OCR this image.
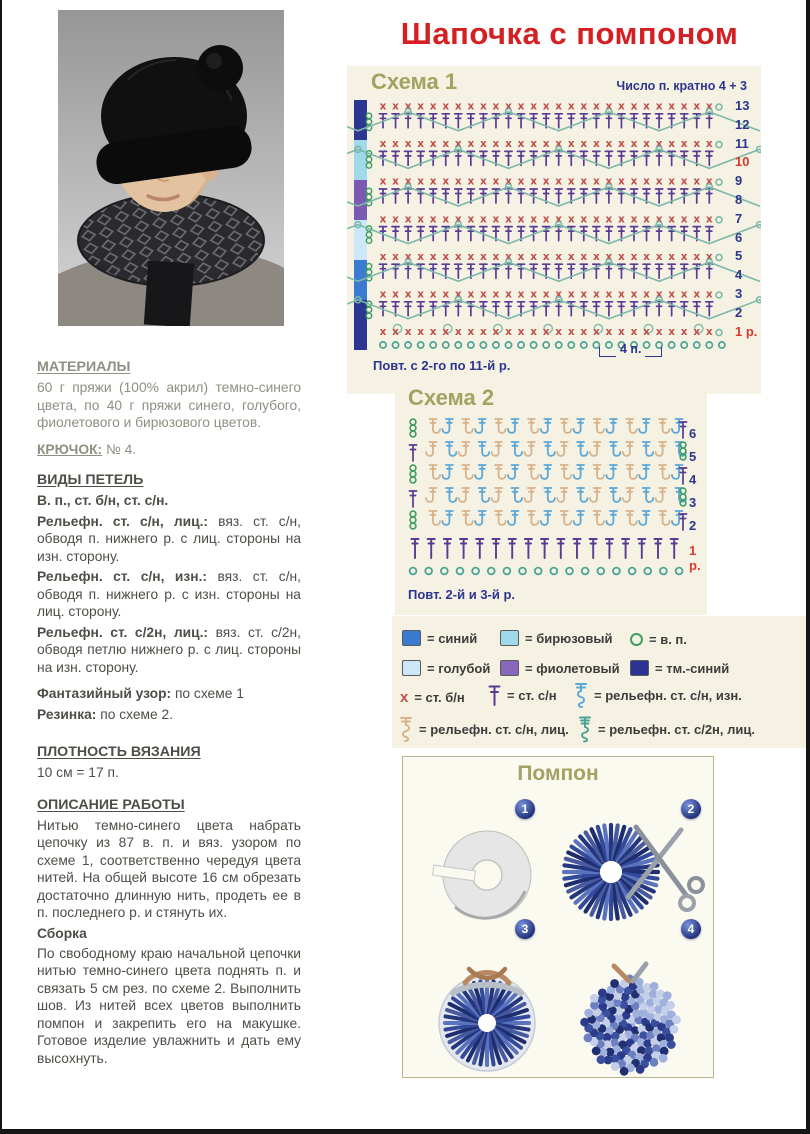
Шапочка с помпоном
Схема 1	Число п. кратно 4 + 3
x x x x x x x x x x x x x x x x x x x x x x x x x x x
x x x x x x x x x x x x x x x x x x x x x x x x x x x
x x x x x x x x x x x x x x x x x x x x x x x x x x x
x x x x x x x x x x x x x x x x x x x x x x x x x x x
x x x x x x x x x x x x x x x x x x x x x x x x x x x
x x x x x x x x x x x x x x x x x x x x x x x x x x x
x x x x x x x x x x x x x x x x x x x x x x x x x x x
13
12
11
10
9
8
7
6
5
4
3
2
1 р.
Повт. с 2-го по 11-й р.
4 п.
Схема 2
6
5
4
3
2
1 р.
Повт. 2-й и 3-й р.
= синий	= бирюзовый	= в. п.
= голубой	= фиолетовый	= тм.-синий
x = ст. б/н	= ст. с/н	= рельефн. ст. с/н, изн.
= рельефн. ст. с/н, лиц. = рельефн. ст. с/2н, лиц.
Помпон
1	2
3	4
МАТЕРИАЛЫ

60 г пряжи (100% акрил) темно-синего цвета, по 40 г пряжи синего, голубого, фиолетового и бирюзового цветов.

КРЮЧОК: № 4.

ВИДЫ ПЕТЕЛЬ

В. п., ст. б/н, ст. с/н.

Рельефн. ст. с/н, лиц.: вяз. ст. с/н, обводя п. нижнего р. с лиц. стороны на изн. сторону.

Рельефн. ст. с/н, изн.: вяз. ст. с/н, обводя п. нижнего р. с изн. стороны на лиц. сторону.

Рельефн. ст. с/2н, лиц.: вяз. ст. с/2н, обводя петлю нижнего р. с лиц. стороны на изн. сторону.

Фантазийный узор: по схеме 1

Резинка: по схеме 2.

ПЛОТНОСТЬ ВЯЗАНИЯ

10 см = 17 п.

ОПИСАНИЕ РАБОТЫ

Нитью темно-синего цвета набрать цепочку из 87 в. п. и вяз. узором по схеме 1, соответственно чередуя цвета нитей. На общей высоте 16 см обрезать достаточно длинную нить, продеть ее в п. последнего р. и стянуть их.

Сборка

По свободному краю начальной цепочки нитью темно-синего цвета поднять п. и связать 5 см рез. по схеме 2. Выполнить шов. Из нитей всех цветов выполнить помпон и закрепить его на макушке. Готовое изделие увлажнить и дать ему высохнуть.
